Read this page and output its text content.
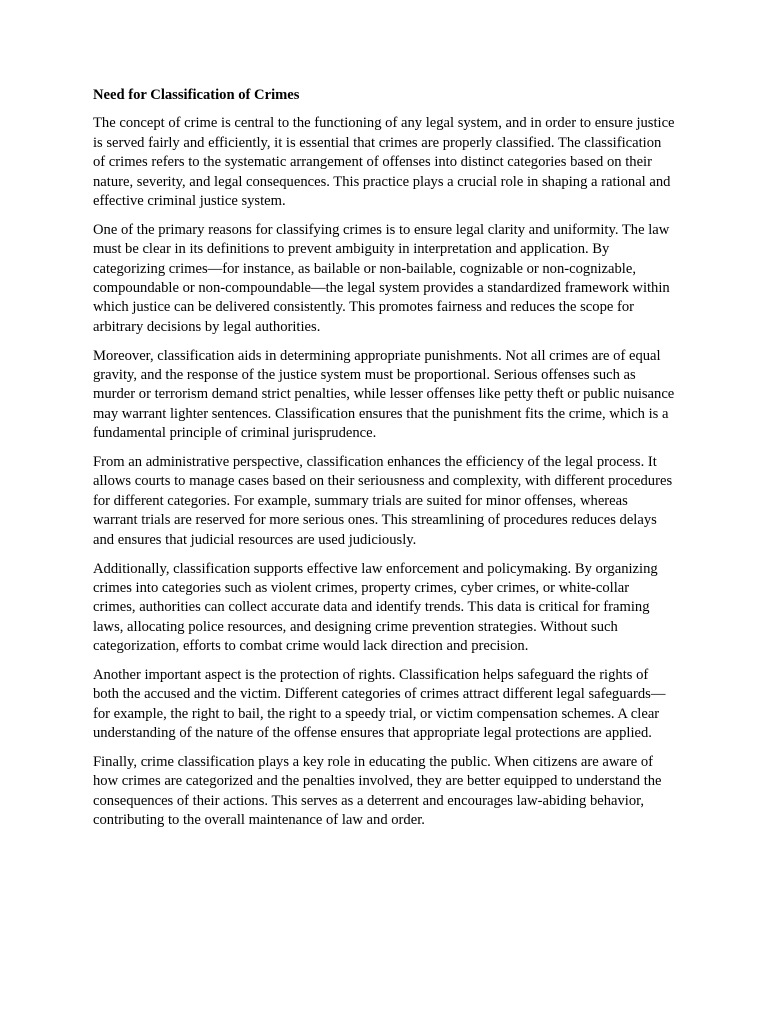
Need for Classification of Crimes

The concept of crime is central to the functioning of any legal system, and in order to ensure justice is served fairly and efficiently, it is essential that crimes are properly classified. The classification of crimes refers to the systematic arrangement of offenses into distinct categories based on their nature, severity, and legal consequences. This practice plays a crucial role in shaping a rational and effective criminal justice system.

One of the primary reasons for classifying crimes is to ensure legal clarity and uniformity. The law must be clear in its definitions to prevent ambiguity in interpretation and application. By categorizing crimes—for instance, as bailable or non-bailable, cognizable or non-cognizable, compoundable or non-compoundable—the legal system provides a standardized framework within which justice can be delivered consistently. This promotes fairness and reduces the scope for arbitrary decisions by legal authorities.

Moreover, classification aids in determining appropriate punishments. Not all crimes are of equal gravity, and the response of the justice system must be proportional. Serious offenses such as murder or terrorism demand strict penalties, while lesser offenses like petty theft or public nuisance may warrant lighter sentences. Classification ensures that the punishment fits the crime, which is a fundamental principle of criminal jurisprudence.

From an administrative perspective, classification enhances the efficiency of the legal process. It allows courts to manage cases based on their seriousness and complexity, with different procedures for different categories. For example, summary trials are suited for minor offenses, whereas warrant trials are reserved for more serious ones. This streamlining of procedures reduces delays and ensures that judicial resources are used judiciously.

Additionally, classification supports effective law enforcement and policymaking. By organizing crimes into categories such as violent crimes, property crimes, cyber crimes, or white-collar crimes, authorities can collect accurate data and identify trends. This data is critical for framing laws, allocating police resources, and designing crime prevention strategies. Without such categorization, efforts to combat crime would lack direction and precision.

Another important aspect is the protection of rights. Classification helps safeguard the rights of both the accused and the victim. Different categories of crimes attract different legal safeguards—for example, the right to bail, the right to a speedy trial, or victim compensation schemes. A clear understanding of the nature of the offense ensures that appropriate legal protections are applied.

Finally, crime classification plays a key role in educating the public. When citizens are aware of how crimes are categorized and the penalties involved, they are better equipped to understand the consequences of their actions. This serves as a deterrent and encourages law-abiding behavior, contributing to the overall maintenance of law and order.
